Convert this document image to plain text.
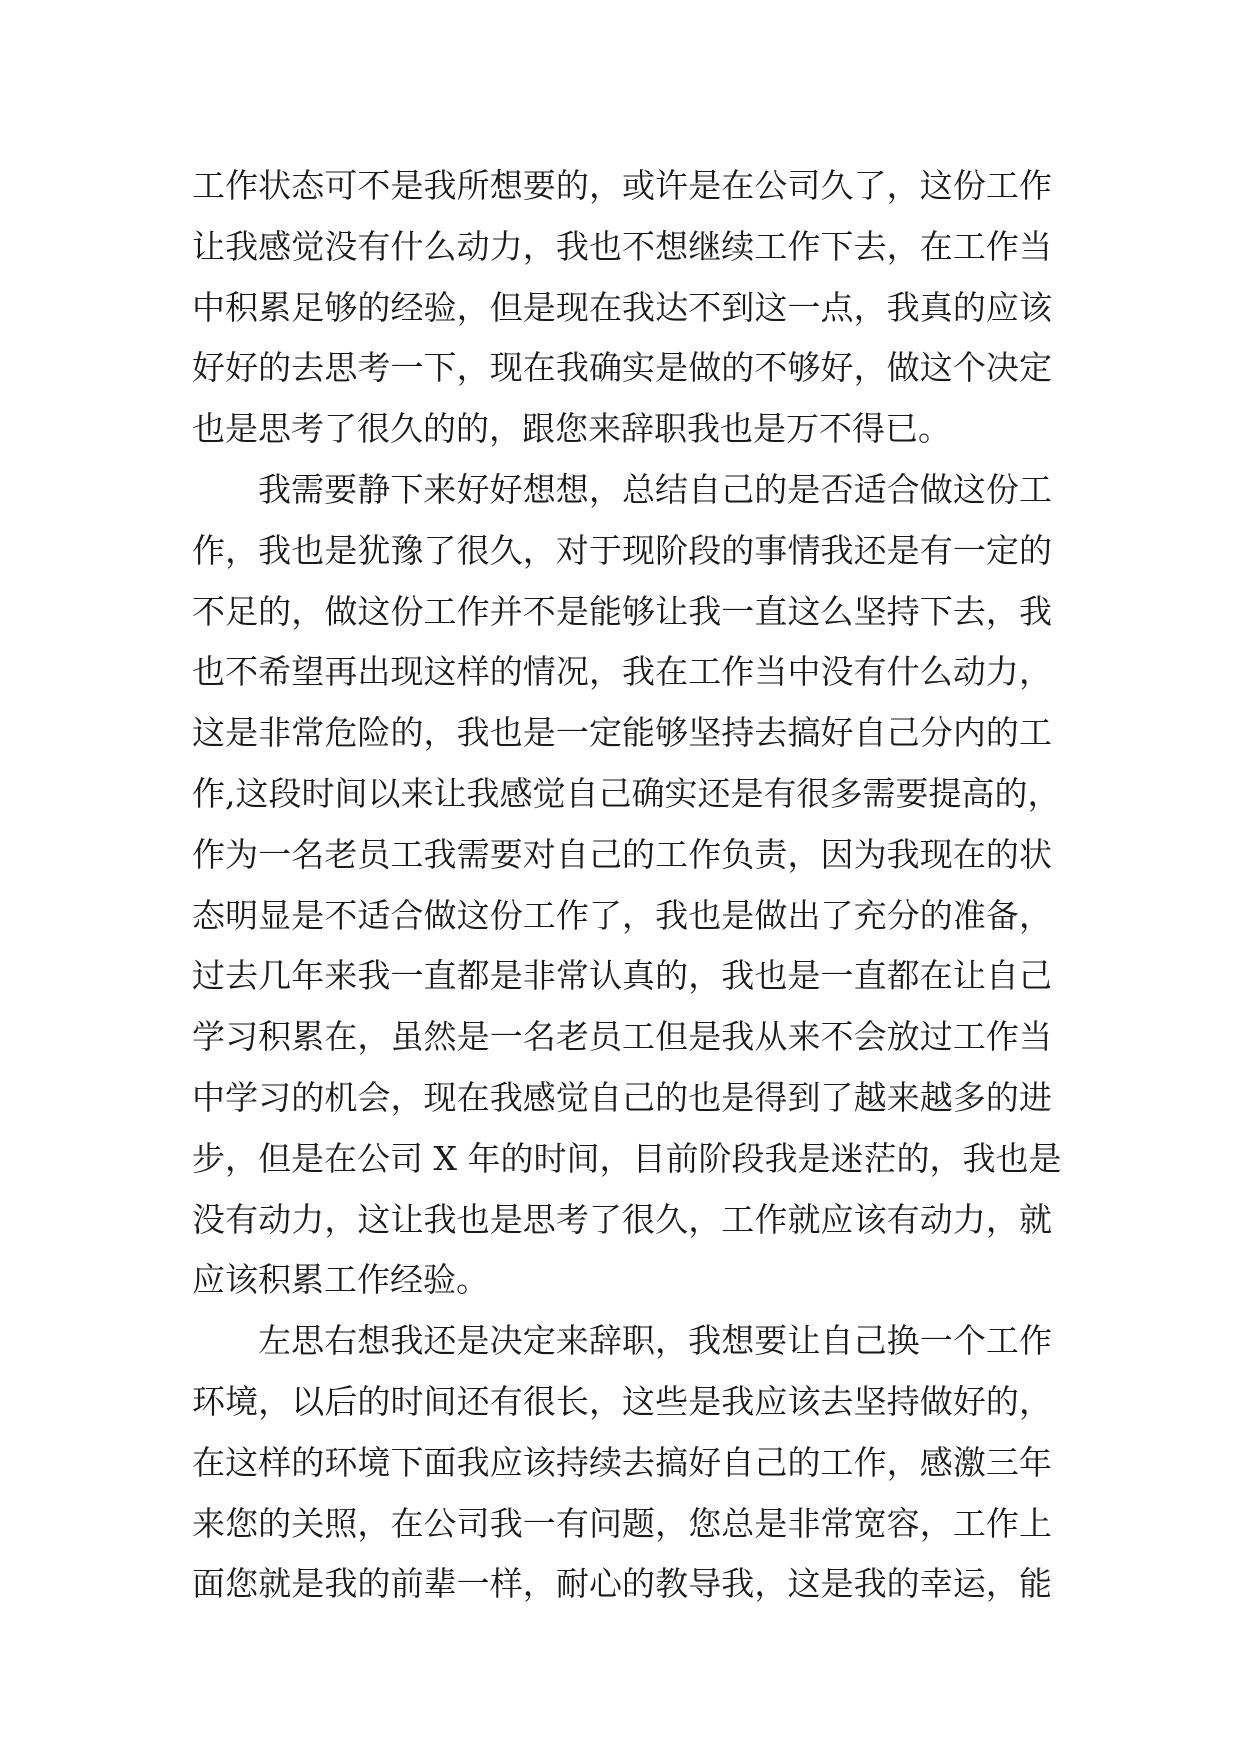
工作状态可不是我所想要的，或许是在公司久了，这份工作
让我感觉没有什么动力，我也不想继续工作下去，在工作当
中积累足够的经验，但是现在我达不到这一点，我真的应该
好好的去思考一下，现在我确实是做的不够好，做这个决定
也是思考了很久的的，跟您来辞职我也是万不得已。
我需要静下来好好想想，总结自己的是否适合做这份工
作，我也是犹豫了很久，对于现阶段的事情我还是有一定的
不足的，做这份工作并不是能够让我一直这么坚持下去，我
也不希望再出现这样的情况，我在工作当中没有什么动力，
这是非常危险的，我也是一定能够坚持去搞好自己分内的工
作,这段时间以来让我感觉自己确实还是有很多需要提高的，
作为一名老员工我需要对自己的工作负责，因为我现在的状
态明显是不适合做这份工作了，我也是做出了充分的准备，
过去几年来我一直都是非常认真的，我也是一直都在让自己
学习积累在，虽然是一名老员工但是我从来不会放过工作当
中学习的机会，现在我感觉自己的也是得到了越来越多的进
步，但是在公司 X 年的时间，目前阶段我是迷茫的，我也是
没有动力，这让我也是思考了很久，工作就应该有动力，就
应该积累工作经验。
左思右想我还是决定来辞职，我想要让自己换一个工作
环境，以后的时间还有很长，这些是我应该去坚持做好的，
在这样的环境下面我应该持续去搞好自己的工作，感激三年
来您的关照，在公司我一有问题，您总是非常宽容，工作上
面您就是我的前辈一样，耐心的教导我，这是我的幸运，能
